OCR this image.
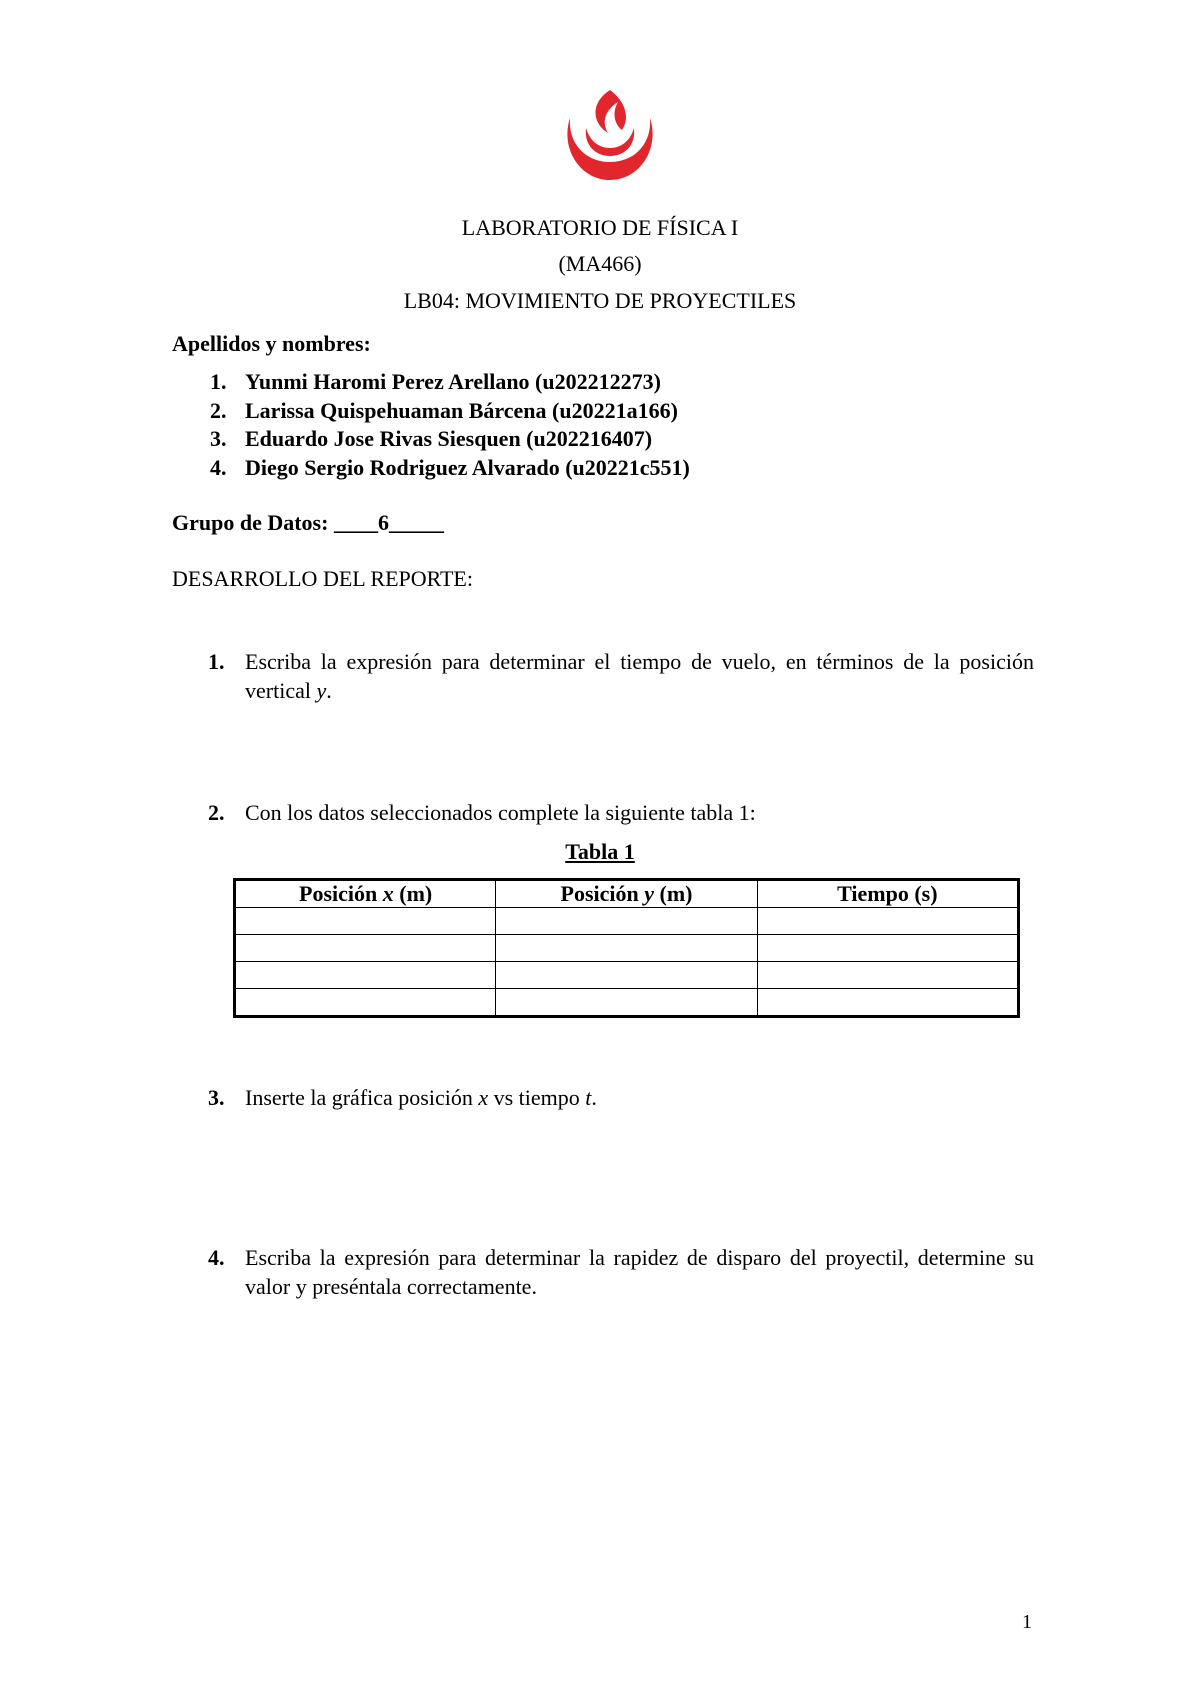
LABORATORIO DE FÍSICA I
(MA466)
LB04: MOVIMIENTO DE PROYECTILES
Apellidos y nombres:
1. Yunmi Haromi Perez Arellano (u202212273)
2. Larissa Quispehuaman Bárcena (u20221a166)
3. Eduardo Jose Rivas Siesquen (u202216407)
4. Diego Sergio Rodriguez Alvarado (u20221c551)
Grupo de Datos: ____6_____
DESARROLLO DEL REPORTE:
1. Escriba la expresión para determinar el tiempo de vuelo, en términos de la posición vertical y.
2. Con los datos seleccionados complete la siguiente tabla 1:
Tabla 1
Posición x (m)	Posición y (m)	Tiempo (s)

3. Inserte la gráfica posición x vs tiempo t.
4. Escriba la expresión para determinar la rapidez de disparo del proyectil, determine su valor y preséntala correctamente.
1
